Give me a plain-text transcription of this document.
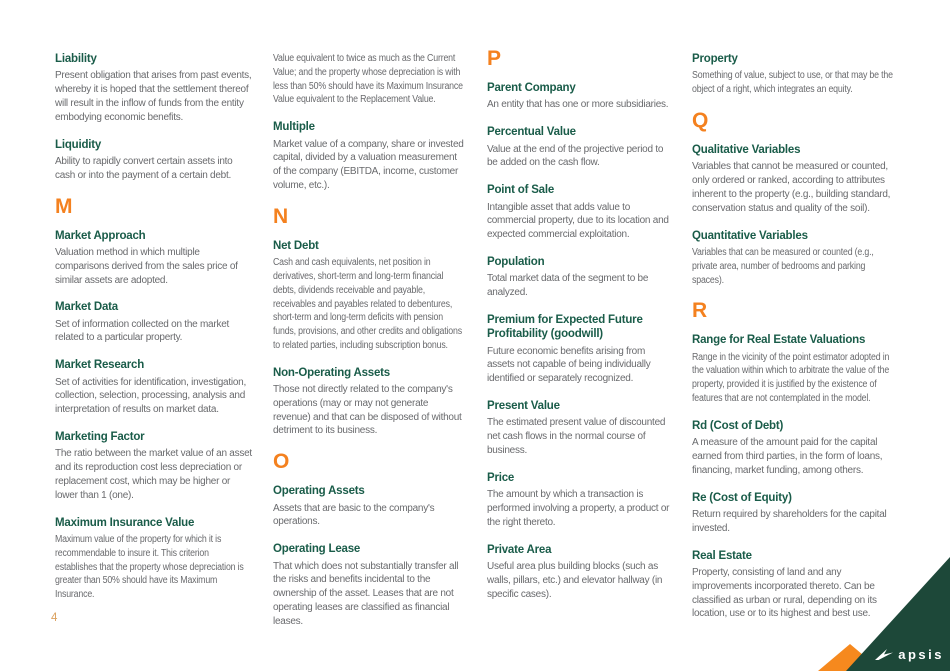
Liability
Present obligation that arises from past events, whereby it is hoped that the settlement thereof will result in the inflow of funds from the entity embodying economic benefits.
Liquidity
Ability to rapidly convert certain assets into cash or into the payment of a certain debt.
M
Market Approach
Valuation method in which multiple comparisons derived from the sales price of similar assets are adopted.
Market Data
Set of information collected on the market related to a particular property.
Market Research
Set of activities for identification, investigation, collection, selection, processing, analysis and interpretation of results on market data.
Marketing Factor
The ratio between the market value of an asset and its reproduction cost less depreciation or replacement cost, which may be higher or lower than 1 (one).
Maximum Insurance Value
Maximum value of the property for which it is recommendable to insure it. This criterion establishes that the property whose depreciation is greater than 50% should have its Maximum Insurance.
Value equivalent to twice as much as the Current Value; and the property whose depreciation is with less than 50% should have its Maximum Insurance Value equivalent to the Replacement Value.
Multiple
Market value of a company, share or invested capital, divided by a valuation measurement of the company (EBITDA, income, customer volume, etc.).
N
Net Debt
Cash and cash equivalents, net position in derivatives, short-term and long-term financial debts, dividends receivable and payable, receivables and payables related to debentures, short-term and long-term deficits with pension funds, provisions, and other credits and obligations to related parties, including subscription bonus.
Non-Operating Assets
Those not directly related to the company's operations (may or may not generate revenue) and that can be disposed of without detriment to its business.
O
Operating Assets
Assets that are basic to the company's operations.
Operating Lease
That which does not substantially transfer all the risks and benefits incidental to the ownership of the asset. Leases that are not operating leases are classified as financial leases.
P
Parent Company
An entity that has one or more subsidiaries.
Percentual Value
Value at the end of the projective period to be added on the cash flow.
Point of Sale
Intangible asset that adds value to commercial property, due to its location and expected commercial exploitation.
Population
Total market data of the segment to be analyzed.
Premium for Expected Future Profitability (goodwill)
Future economic benefits arising from assets not capable of being individually identified or separately recognized.
Present Value
The estimated present value of discounted net cash flows in the normal course of business.
Price
The amount by which a transaction is performed involving a property, a product or the right thereto.
Private Area
Useful area plus building blocks (such as walls, pillars, etc.) and elevator hallway (in specific cases).
Property
Something of value, subject to use, or that may be the object of a right, which integrates an equity.
Q
Qualitative Variables
Variables that cannot be measured or counted, only ordered or ranked, according to attributes inherent to the property (e.g., building standard, conservation status and quality of the soil).
Quantitative Variables
Variables that can be measured or counted (e.g., private area, number of bedrooms and parking spaces).
R
Range for Real Estate Valuations
Range in the vicinity of the point estimator adopted in the valuation within which to arbitrate the value of the property, provided it is justified by the existence of features that are not contemplated in the model.
Rd (Cost of Debt)
A measure of the amount paid for the capital earned from third parties, in the form of loans, financing, market funding, among others.
Re (Cost of Equity)
Return required by shareholders for the capital invested.
Real Estate
Property, consisting of land and any improvements incorporated thereto. Can be classified as urban or rural, depending on its location, use or to its highest and best use.
4
apsis
